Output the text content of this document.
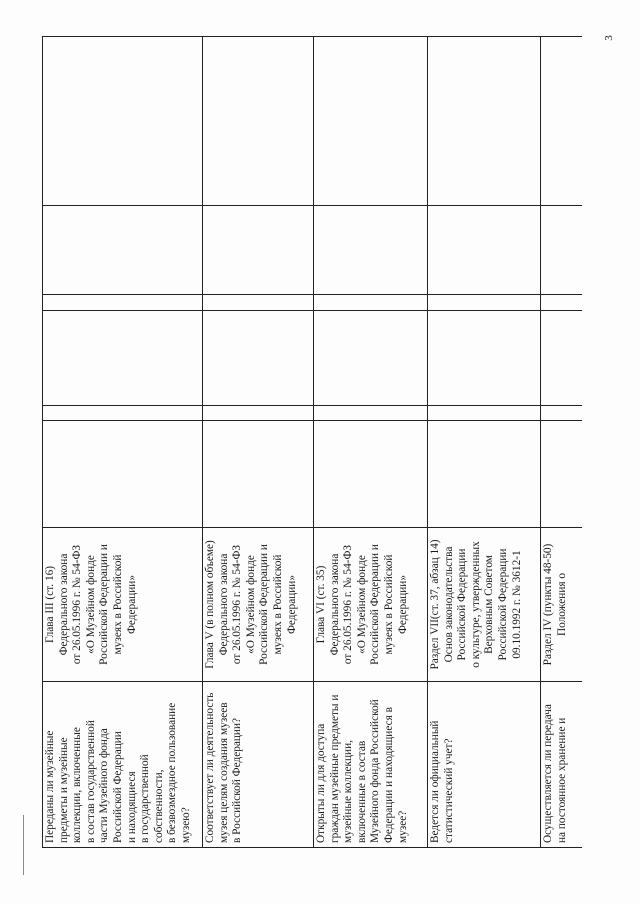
Переданы ли музейные предметы и музейные коллекции, включенные в состав государственной части Музейного фонда Российской Федерации и находящиеся в государственной собственности, в безвозмездное пользование музею?
Глава III (ст. 16) Федерального закона от 26.05.1996 г. № 54-ФЗ «О Музейном фонде Российской Федерации и музеях в Российской Федерации»
Соответствует ли деятельность музея целям создания музеев в Российской Федерации?
Глава V (в полном объеме) Федерального закона от 26.05.1996 г. № 54-ФЗ «О Музейном фонде Российской Федерации и музеях в Российской Федерации»
Открыты ли для доступа граждан музейные предметы и музейные коллекции, включенные в состав Музейного фонда Российской Федерации и находящиеся в музее?
Глава VI (ст. 35) Федерального закона от 26.05.1996 г. № 54-ФЗ «О Музейном фонде Российской Федерации и музеях в Российской Федерации»
Ведется ли официальный статистический учет?
Раздел VII(ст. 37, абзац 14) Основ законодательства Российской Федерации о культуре, утвержденных Верховным Советом Российской Федерации 09.10.1992 г. № 3612-1
Осуществляется ли передача на постоянное хранение и
Раздел IV (пункты 48-50) Положения о
3
